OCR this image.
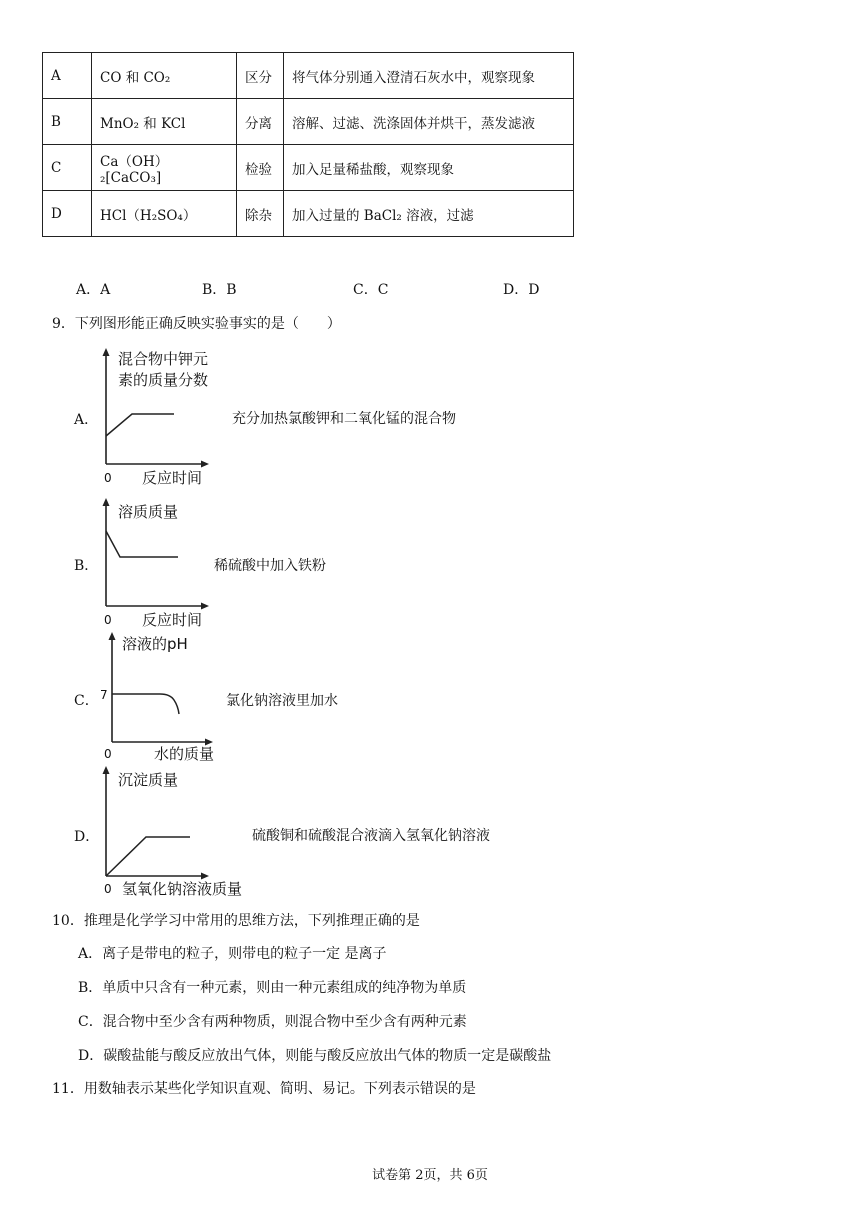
A	CO 和 CO₂	区分	将气体分别通入澄清石灰水中，观察现象
B	MnO₂ 和 KCl	分离	溶解、过滤、洗涤固体并烘干，蒸发滤液
C	Ca（OH）₂[CaCO₃]	检验	加入足量稀盐酸，观察现象
D	HCl（H₂SO₄）	除杂	加入过量的 BaCl₂ 溶液，过滤
A．A	B．B	C．C	D．D
9．下列图形能正确反映实验事实的是（　　）
A．
混合物中钾元
素的质量分数
0 反应时间
充分加热氯酸钾和二氧化锰的混合物
B．
溶质质量
0 反应时间
稀硫酸中加入铁粉
C．
溶液的pH
7
0	水的质量
氯化钠溶液里加水
D．
沉淀质量
0 氢氧化钠溶液质量
硫酸铜和硫酸混合液滴入氢氧化钠溶液
10．推理是化学学习中常用的思维方法，下列推理正确的是
A．离子是带电的粒子，则带电的粒子一定 是离子
B．单质中只含有一种元素，则由一种元素组成的纯净物为单质
C．混合物中至少含有两种物质，则混合物中至少含有两种元素
D．碳酸盐能与酸反应放出气体，则能与酸反应放出气体的物质一定是碳酸盐
11．用数轴表示某些化学知识直观、简明、易记。下列表示错误的是
试卷第 2页，共 6页
